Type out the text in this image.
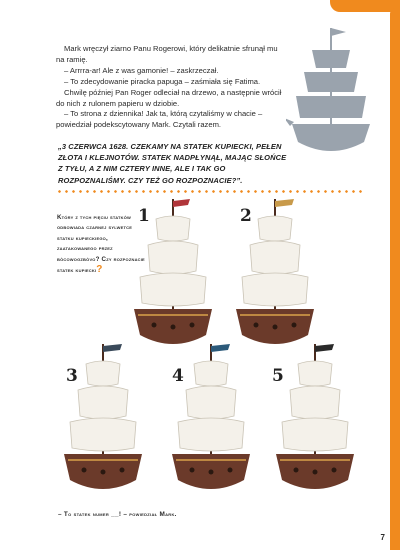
Mark wręczył ziarno Panu Rogerowi, który delikatnie sfrunął mu na ramię.

– Arrrra-ar! Ale z was gamonie! – zaskrzeczał.

– To zdecydowanie piracka papuga – zaśmiała się Fatima.

Chwilę później Pan Roger odleciał na drzewo, a następnie wrócił do nich z rulonem papieru w dziobie.

– To strona z dziennika! Jak ta, którą czytaliśmy w chacie – powiedział podekscytowany Mark. Czytali razem.

„3 CZERWCA 1628. CZEKAMY NA STATEK KUPIECKI, PEŁEN ZŁOTA I KLEJNOTÓW. STATEK NADPŁYNĄŁ, MAJĄC SŁOŃCE Z TYŁU, A Z NIM CZTERY INNE, ALE I TAK GO ROZPOZNALIŚMY. CZY TEŻ GO ROZPOZNACIE?”.
Który z tych pięciu statków odbowiada czarnej sylwetce statku kupieckiego, zaatakowanego przez bòcowogzbòvo? Czy rozpoznacie statek kupiecki?
1	2
3	4	5
– To statek numer __! – powiedział Mark.
7
